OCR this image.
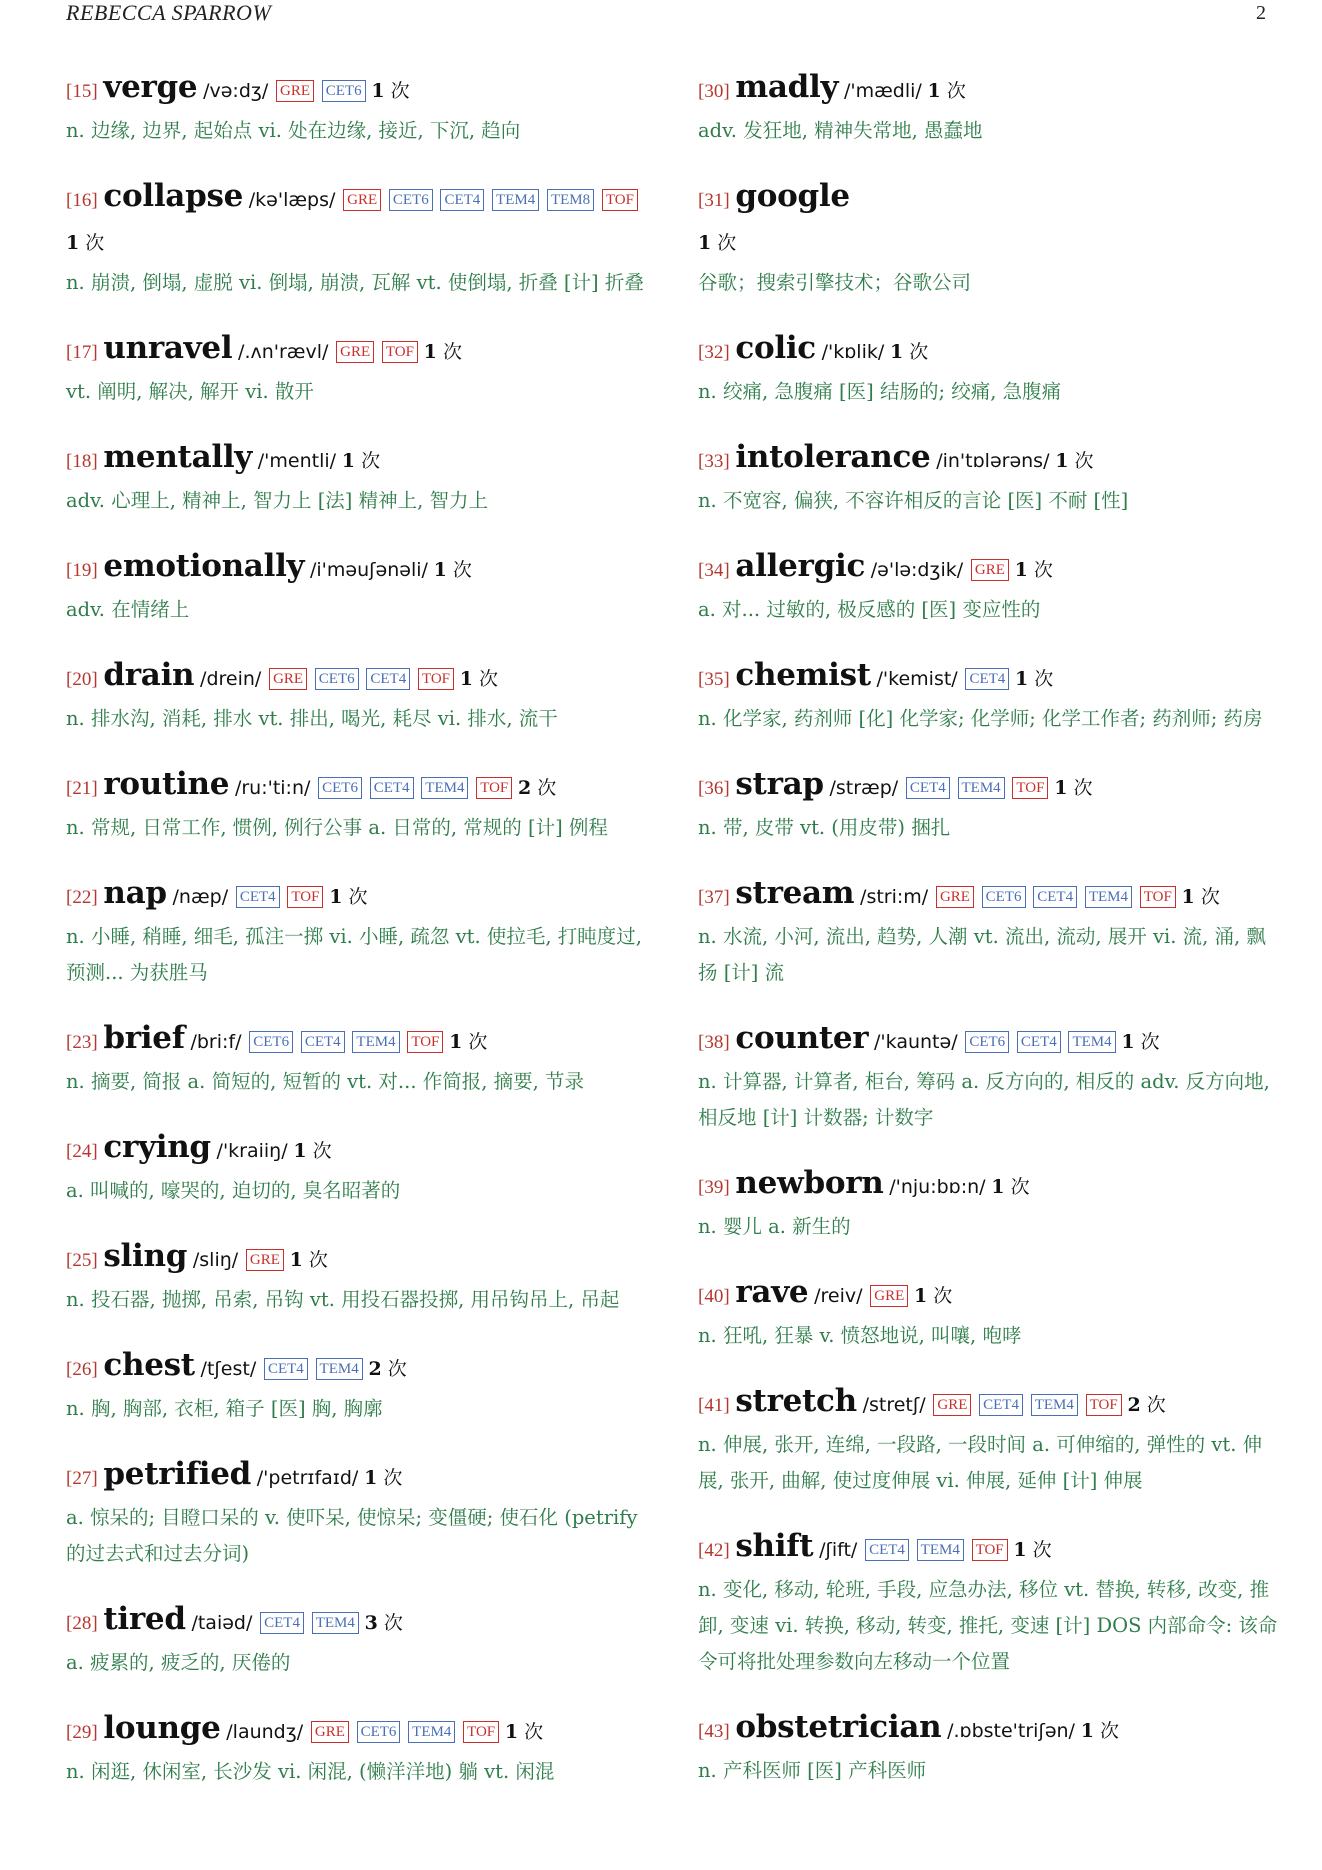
REBECCA SPARROW	2
[15] verge /və:dʒ/ GRE CET6 1 次
n. 边缘, 边界, 起始点 vi. 处在边缘, 接近, 下沉, 趋向
[16] collapse /kə'læps/ GRE CET6 CET4 TEM4 TEM8 TOF 1 次
n. 崩溃, 倒塌, 虚脱 vi. 倒塌, 崩溃, 瓦解 vt. 使倒塌, 折叠 [计] 折叠
[17] unravel /.ʌn'rævl/ GRE TOF 1 次
vt. 阐明, 解决, 解开 vi. 散开
[18] mentally /'mentli/ 1 次
adv. 心理上, 精神上, 智力上 [法] 精神上, 智力上
[19] emotionally /i'məuʃənəli/ 1 次
adv. 在情绪上
[20] drain /drein/ GRE CET6 CET4 TOF 1 次
n. 排水沟, 消耗, 排水 vt. 排出, 喝光, 耗尽 vi. 排水, 流干
[21] routine /ru:'ti:n/ CET6 CET4 TEM4 TOF 2 次
n. 常规, 日常工作, 惯例, 例行公事 a. 日常的, 常规的 [计] 例程
[22] nap /næp/ CET4 TOF 1 次
n. 小睡, 稍睡, 细毛, 孤注一掷 vi. 小睡, 疏忽 vt. 使拉毛, 打盹度过, 预测... 为获胜马
[23] brief /bri:f/ CET6 CET4 TEM4 TOF 1 次
n. 摘要, 简报 a. 简短的, 短暂的 vt. 对... 作简报, 摘要, 节录
[24] crying /'kraiiŋ/ 1 次
a. 叫喊的, 嚎哭的, 迫切的, 臭名昭著的
[25] sling /sliŋ/ GRE 1 次
n. 投石器, 抛掷, 吊索, 吊钩 vt. 用投石器投掷, 用吊钩吊上, 吊起
[26] chest /tʃest/ CET4 TEM4 2 次
n. 胸, 胸部, 衣柜, 箱子 [医] 胸, 胸廓
[27] petrified /'petrɪfaɪd/ 1 次
a. 惊呆的; 目瞪口呆的 v. 使吓呆, 使惊呆; 变僵硬; 使石化 (petrify 的过去式和过去分词)
[28] tired /taiəd/ CET4 TEM4 3 次
a. 疲累的, 疲乏的, 厌倦的
[29] lounge /laundʒ/ GRE CET6 TEM4 TOF 1 次
n. 闲逛, 休闲室, 长沙发 vi. 闲混, (懒洋洋地) 躺 vt. 闲混
[30] madly /'mædli/ 1 次
adv. 发狂地, 精神失常地, 愚蠢地
[31] google
1 次
谷歌；搜索引擎技术；谷歌公司
[32] colic /'kɒlik/ 1 次
n. 绞痛, 急腹痛 [医] 结肠的; 绞痛, 急腹痛
[33] intolerance /in'tɒlərəns/ 1 次
n. 不宽容, 偏狭, 不容许相反的言论 [医] 不耐 [性]
[34] allergic /ə'lə:dʒik/ GRE 1 次
a. 对... 过敏的, 极反感的 [医] 变应性的
[35] chemist /'kemist/ CET4 1 次
n. 化学家, 药剂师 [化] 化学家; 化学师; 化学工作者; 药剂师; 药房
[36] strap /stræp/ CET4 TEM4 TOF 1 次
n. 带, 皮带 vt. (用皮带) 捆扎
[37] stream /stri:m/ GRE CET6 CET4 TEM4 TOF 1 次
n. 水流, 小河, 流出, 趋势, 人潮 vt. 流出, 流动, 展开 vi. 流, 涌, 飘扬 [计] 流
[38] counter /'kauntə/ CET6 CET4 TEM4 1 次
n. 计算器, 计算者, 柜台, 筹码 a. 反方向的, 相反的 adv. 反方向地, 相反地 [计] 计数器; 计数字
[39] newborn /'nju:bɒ:n/ 1 次
n. 婴儿 a. 新生的
[40] rave /reiv/ GRE 1 次
n. 狂吼, 狂暴 v. 愤怒地说, 叫嚷, 咆哮
[41] stretch /stretʃ/ GRE CET4 TEM4 TOF 2 次
n. 伸展, 张开, 连绵, 一段路, 一段时间 a. 可伸缩的, 弹性的 vt. 伸展, 张开, 曲解, 使过度伸展 vi. 伸展, 延伸 [计] 伸展
[42] shift /ʃift/ CET4 TEM4 TOF 1 次
n. 变化, 移动, 轮班, 手段, 应急办法, 移位 vt. 替换, 转移, 改变, 推卸, 变速 vi. 转换, 移动, 转变, 推托, 变速 [计] DOS 内部命令: 该命令可将批处理参数向左移动一个位置
[43] obstetrician /.ɒbste'triʃən/ 1 次
n. 产科医师 [医] 产科医师
